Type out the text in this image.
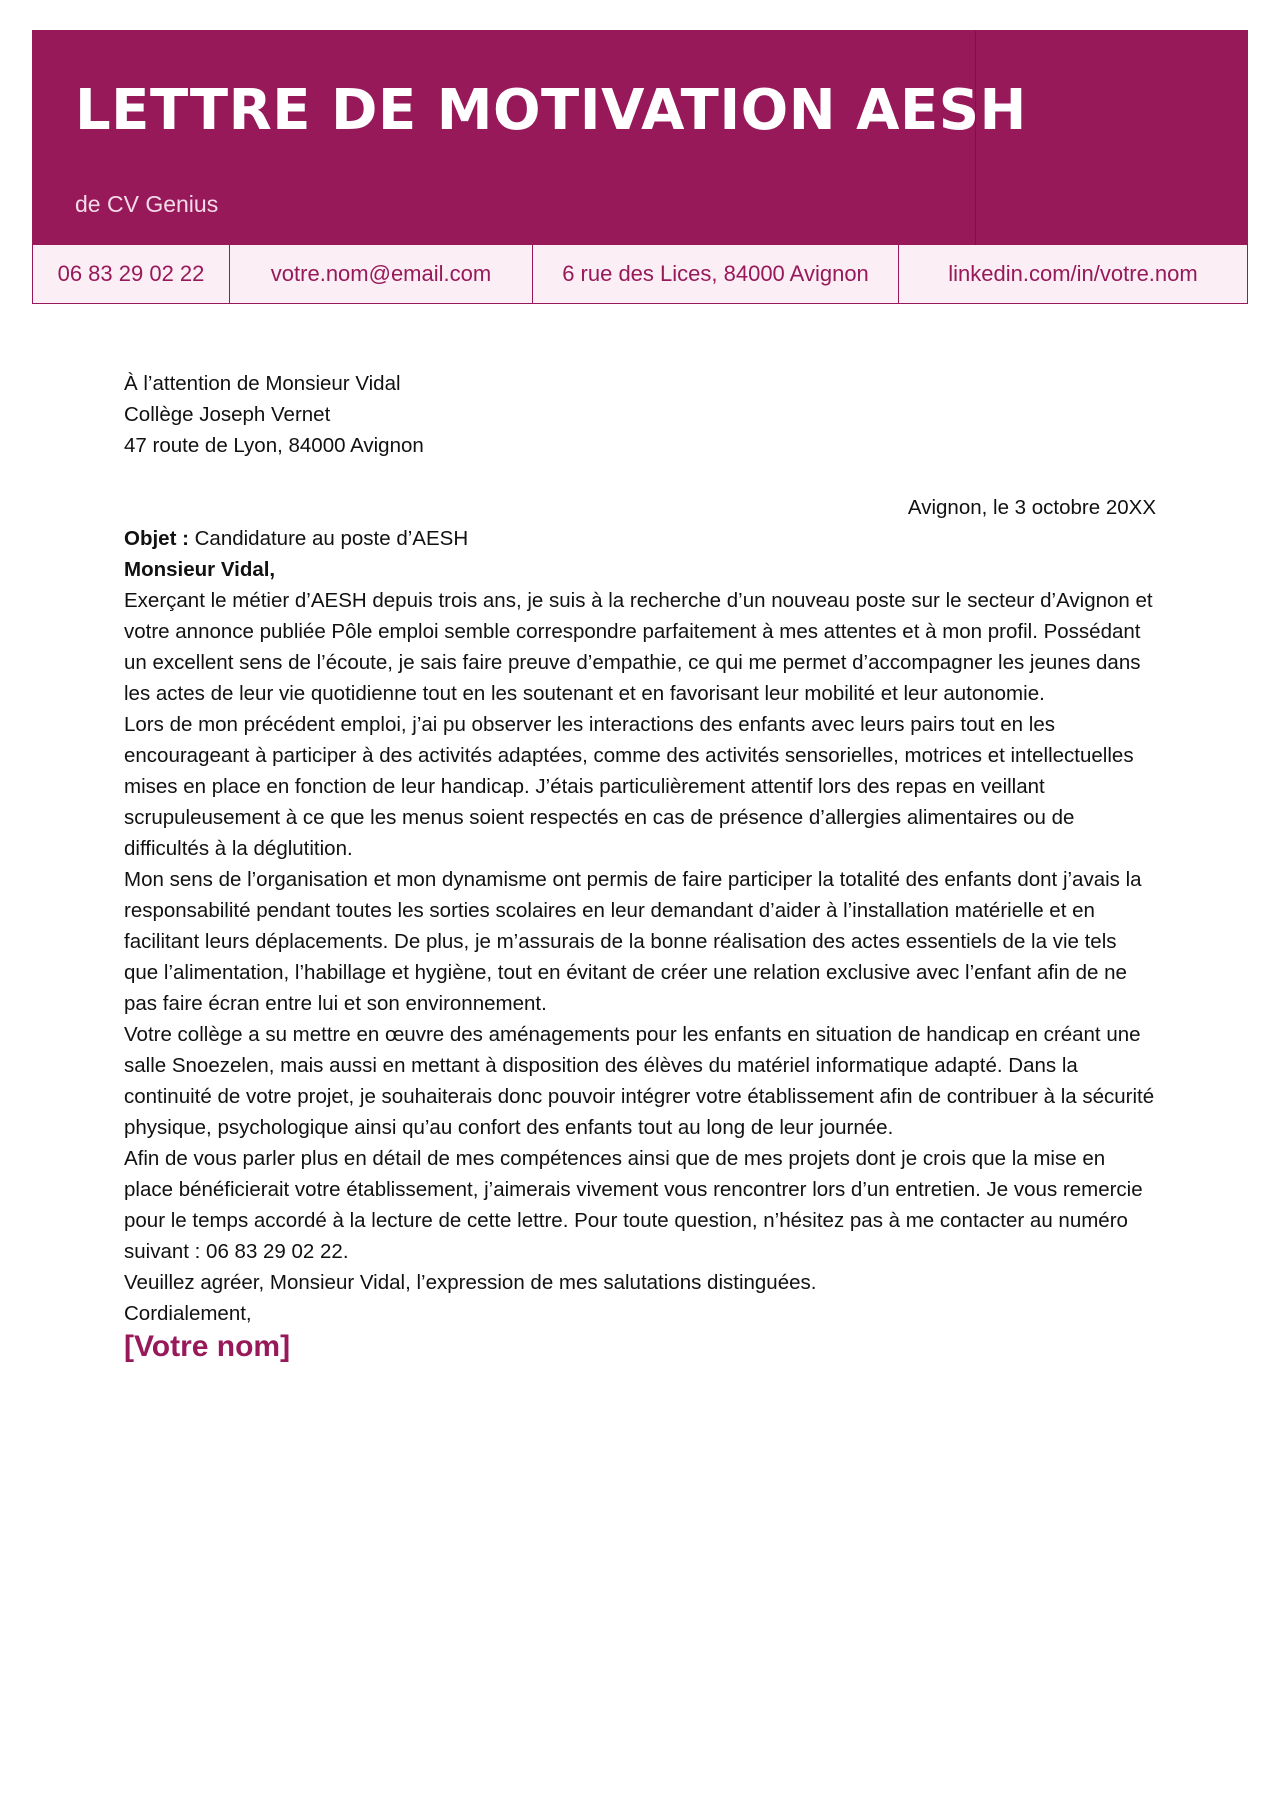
LETTRE DE MOTIVATION AESH
de CV Genius
06 83 29 02 22	votre.nom@email.com	6 rue des Lices, 84000 Avignon	linkedin.com/in/votre.nom

À l’attention de Monsieur Vidal

Collège Joseph Vernet

47 route de Lyon, 84000 Avignon

Avignon, le 3 octobre 20XX

Objet : Candidature au poste d’AESH

Monsieur Vidal,

Exerçant le métier d’AESH depuis trois ans, je suis à la recherche d’un nouveau poste sur le secteur d’Avignon et votre annonce publiée Pôle emploi semble correspondre parfaitement à mes attentes et à mon profil. Possédant un excellent sens de l’écoute, je sais faire preuve d’empathie, ce qui me permet d’accompagner les jeunes dans les actes de leur vie quotidienne tout en les soutenant et en favorisant leur mobilité et leur autonomie.

Lors de mon précédent emploi, j’ai pu observer les interactions des enfants avec leurs pairs tout en les encourageant à participer à des activités adaptées, comme des activités sensorielles, motrices et intellectuelles mises en place en fonction de leur handicap. J’étais particulièrement attentif lors des repas en veillant scrupuleusement à ce que les menus soient respectés en cas de présence d’allergies alimentaires ou de difficultés à la déglutition.

Mon sens de l’organisation et mon dynamisme ont permis de faire participer la totalité des enfants dont j’avais la responsabilité pendant toutes les sorties scolaires en leur demandant d’aider à l’installation matérielle et en facilitant leurs déplacements. De plus, je m’assurais de la bonne réalisation des actes essentiels de la vie tels que l’alimentation, l’habillage et hygiène, tout en évitant de créer une relation exclusive avec l’enfant afin de ne pas faire écran entre lui et son environnement.

Votre collège a su mettre en œuvre des aménagements pour les enfants en situation de handicap en créant une salle Snoezelen, mais aussi en mettant à disposition des élèves du matériel informatique adapté. Dans la continuité de votre projet, je souhaiterais donc pouvoir intégrer votre établissement afin de contribuer à la sécurité physique, psychologique ainsi qu’au confort des enfants tout au long de leur journée.

Afin de vous parler plus en détail de mes compétences ainsi que de mes projets dont je crois que la mise en place bénéficierait votre établissement, j’aimerais vivement vous rencontrer lors d’un entretien. Je vous remercie pour le temps accordé à la lecture de cette lettre. Pour toute question, n’hésitez pas à me contacter au numéro suivant : 06 83 29 02 22.

Veuillez agréer, Monsieur Vidal, l’expression de mes salutations distinguées.

Cordialement,

[Votre nom]
